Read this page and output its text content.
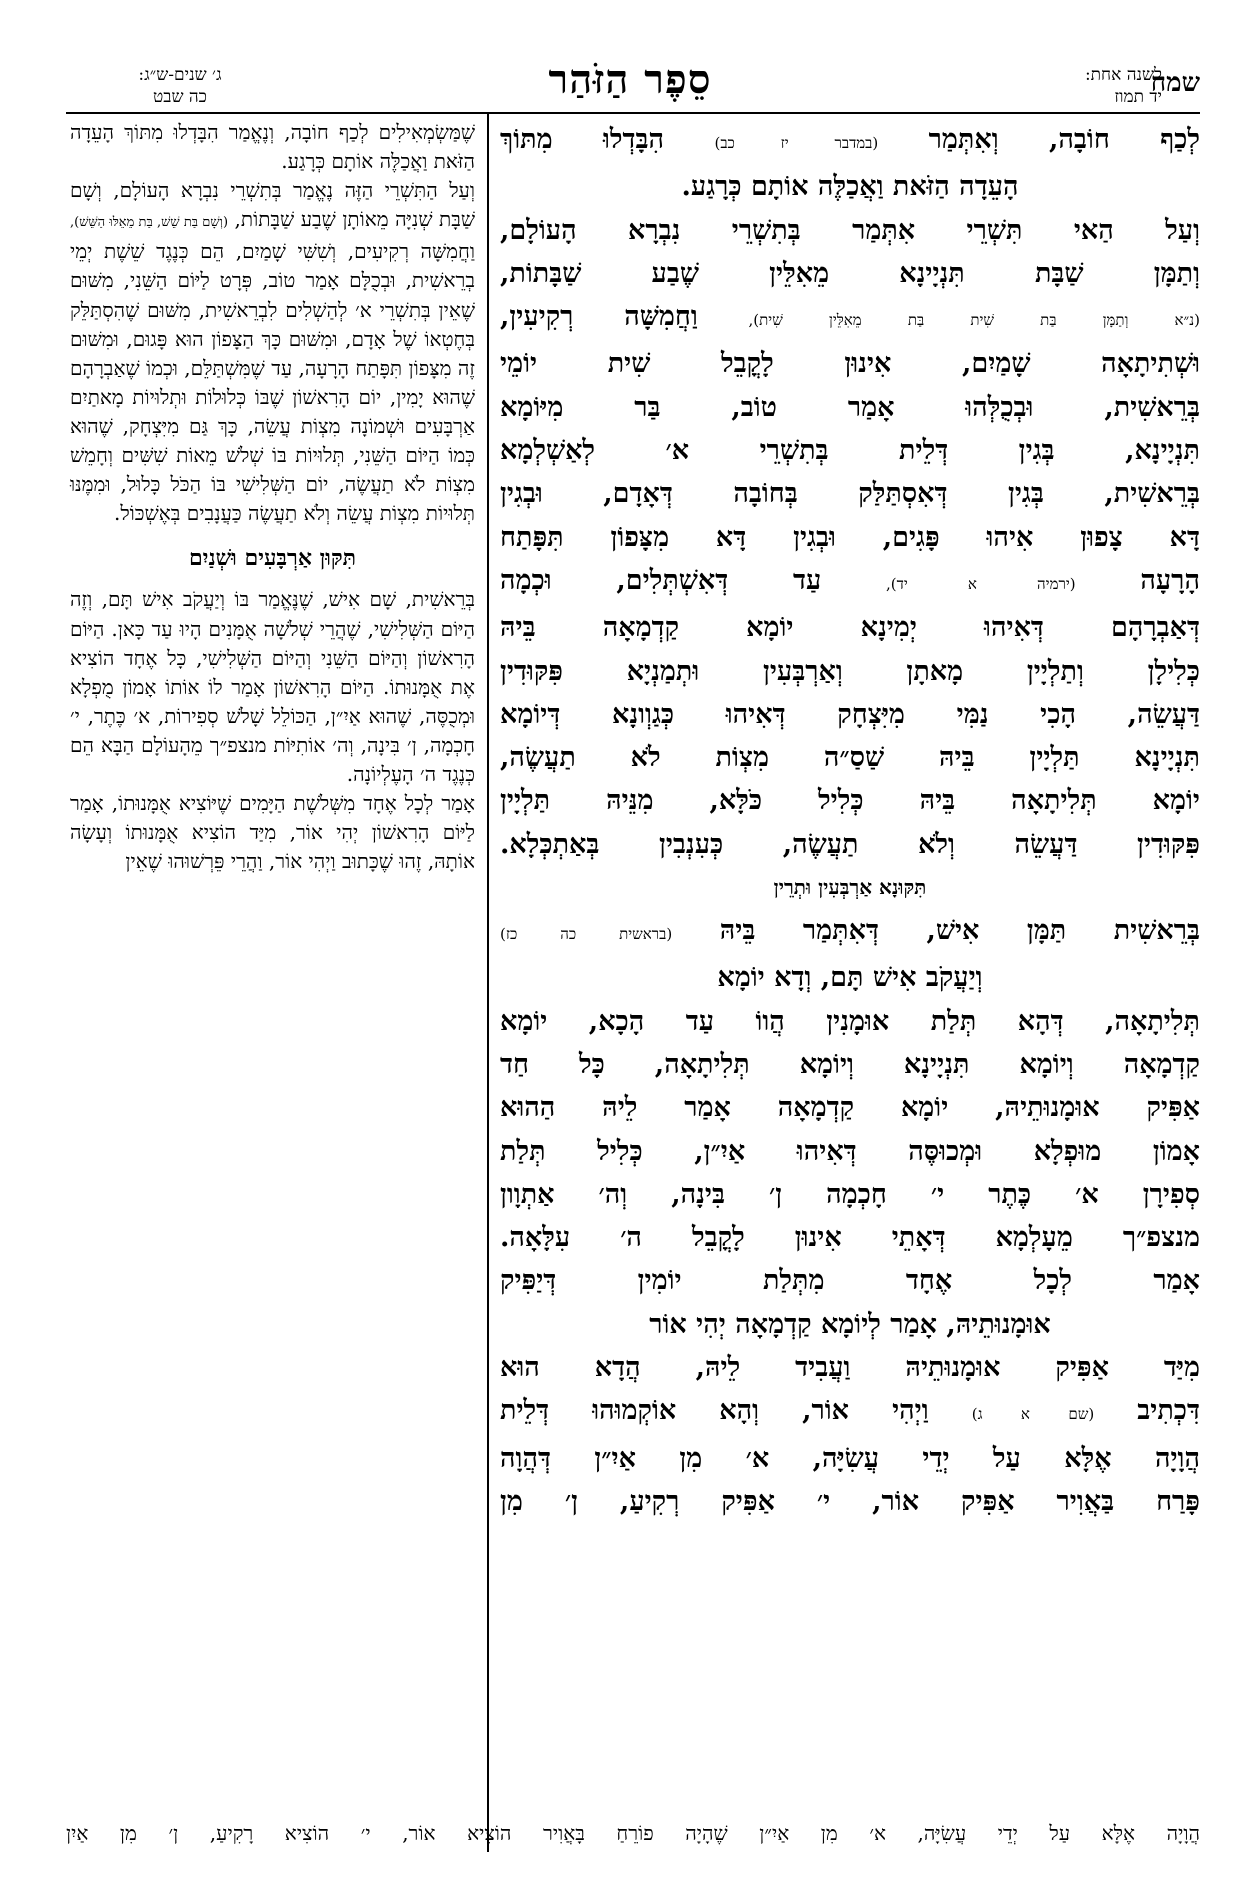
שמח
לשנה אחת:
יד תמוז
סֵפֶר הַזֹּהַר
ג׳ שנים-ש״ג:
כה שבט

לְכַף חוֹבָה, וְאִתְּמַר (במדבר יז כב) הִבָּדְלוּ מִתּוֹךְ

הָעֵדָה הַזֹּאת וַאֲכַלֶּה אוֹתָם כְּרָגַע.

וְעַל הַאי תִּשְׁרֵי אִתְּמַר בְּתִשְׁרֵי נִבְרָא הָעוֹלָם,

וְתַמָּן שַׁבָּת תִּנְיָינָא מֵאִלֵּין שֶׁבַע שַׁבָּתוֹת,

(נ״א וְתַמָּן בַּת שִׁית בַּת מֵאִלֵּין שִׁית), וַחֲמִשָּׁה רְקִיעִין,

וּשְׁתִיתָאָה שָׁמַיִם, אִינוּן לָקֳבֵל שִׁית יוֹמֵי

בְּרֵאשִׁית, וּבְכֻלְּהוּ אָמַר טוֹב, בַּר מִיּוֹמָא

תִּנְיָינָא, בְּגִין דְּלֵית בְּתִשְׁרֵי א׳ לְאַשְׁלְמָא

בְּרֵאשִׁית, בְּגִין דְּאִסְתַּלַּק בְּחוֹבָה דְּאָדָם, וּבְגִין

דָּא צָפוּן אִיהוּ פָּגִים, וּבְגִין דָּא מִצָּפוֹן תִּפָּתַח

הָרָעָה (ירמיה א יד), עַד דְּאִשְׁתְּלִים, וּכְמָה

דְּאַבְרָהָם דְּאִיהוּ יְמִינָא יוֹמָא קַדְמָאָה בֵּיהּ

כְּלִילָן וְתַלְיָין מָאתָן וְאַרְבְּעִין וּתְמַנְיָא פִּקּוּדִין

דַּעֲשֵׂה, הָכִי נַמִּי מִיִּצְחָק דְּאִיהוּ כְּגַוְונָא דְּיוֹמָא

תִּנְיָינָא תַּלְיָין בֵּיהּ שַׁסַ״ה מִצְוֹת לֹא תַעֲשֶׂה,

יוֹמָא תְּלִיתָאָה בֵּיהּ כְּלִיל כֹּלָּא, מִנֵּיהּ תַּלְיָין

פִּקּוּדִין דַּעֲשֵׂה וְלֹא תַעֲשֶׂה, כְּעִנְבִין בְּאַתְכְּלָא.

תִּקּוּנָא אַרְבְּעִין וּתְרֵין

בְּרֵאשִׁית תַּמָּן אִישׁ, דְּאִתְּמַר בֵּיהּ (בראשית כה כז)

וְיַעֲקֹב אִישׁ תָּם, וְדָא יוֹמָא

תְּלִיתָאָה, דְּהָא תְּלַת אוּמָנִין הֲווֹ עַד הָכָא, יוֹמָא

קַדְמָאָה וְיוֹמָא תִּנְיָינָא וְיוֹמָא תְּלִיתָאָה, כָּל חַד

אַפִּיק אוּמָנוּתֵיהּ, יוֹמָא קַדְמָאָה אָמַר לֵיהּ הַהוּא

אָמוֹן מוּפְלָא וּמְכוּסֶּה דְּאִיהוּ אַיִ״ן, כְּלִיל תְּלַת

סְפִירָן א׳ כֶּתֶר י׳ חָכְמָה ן׳ בִּינָה, וְה׳ אַתְוָון

מנצפ״ך מֵעָלְמָא דְּאָתֵי אִינוּן לָקֳבֵל ה׳ עִלָּאָה.

אָמַר לְכָל אֶחָד מִתְּלַת יוֹמִין דְּיַפִּיק

אוּמָנוּתֵיהּ, אָמַר לְיוֹמָא קַדְמָאָה יְהִי אוֹר

מִיַּד אַפִּיק אוּמָנוּתֵיהּ וַעֲבִיד לֵיהּ, הֲדָא הוּא

דִּכְתִיב (שם א ג) וַיְהִי אוֹר, וְהָא אוֹקְמוּהוּ דְּלֵית

הֲוָיָה אֶלָּא עַל יְדֵי עֲשִׂיָּה, א׳ מִן אַיִ״ן דְּהֲוָה

פָּרַח בַּאֲוִיר אַפִּיק אוֹר, י׳ אַפִּיק רְקִיעַ, ן׳ מִן

שֶׁמַּשְׂמְאִילִים לְכַף חוֹבָה, וְנֶאֱמַר הִבָּדְלוּ מִתּוֹךְ הָעֵדָה הַזֹּאת וַאֲכַלֶּה אוֹתָם כְּרָגַע.

וְעַל הַתִּשְׁרֵי הַזֶּה נֶאֱמַר בְּתִשְׁרֵי נִבְרָא הָעוֹלָם, וְשָׁם שַׁבָּת שְׁנִיָּה מֵאוֹתָן שֶׁבַע שַׁבָּתוֹת, (וְשָׁם בַּת שֵׁשׁ, בַּת מֵאֵלּוּ הַשֵּׁשׁ), וַחֲמִשָּׁה רְקִיעִים, וְשִׁשִּׁי שָׁמַיִם, הֵם כְּנֶגֶד שֵׁשֶׁת יְמֵי בְרֵאשִׁית, וּבְכֻלָּם אָמַר טוֹב, פְּרָט לַיּוֹם הַשֵּׁנִי, מִשּׁוּם שֶׁאֵין בְּתִשְׁרֵי א׳ לְהַשְׁלִים לִבְרֵאשִׁית, מִשּׁוּם שֶׁהִסְתַּלֵּק בְּחֶטְאוֹ שֶׁל אָדָם, וּמִשּׁוּם כָּךְ הַצָּפוֹן הוּא פָּגוּם, וּמִשּׁוּם זֶה מִצָּפוֹן תִּפָּתַח הָרָעָה, עַד שֶׁמִּשְׁתַּלֵּם, וּכְמוֹ שֶׁאַבְרָהָם שֶׁהוּא יָמִין, יוֹם הָרִאשׁוֹן שֶׁבּוֹ כְּלוּלוֹת וּתְלוּיוֹת מָאתַיִם אַרְבָּעִים וּשְׁמוֹנָה מִצְוֹת עֲשֵׂה, כָּךְ גַּם מִיִּצְחָק, שֶׁהוּא כְּמוֹ הַיּוֹם הַשֵּׁנִי, תְּלוּיוֹת בּוֹ שְׁלֹשׁ מֵאוֹת שִׁשִּׁים וְחָמֵשׁ מִצְוֹת לֹא תַעֲשֶׂה, יוֹם הַשְּׁלִישִׁי בּוֹ הַכֹּל כָּלוּל, וּמִמֶּנּוּ תְּלוּיוֹת מִצְוֹת עֲשֵׂה וְלֹא תַעֲשֶׂה כַּעֲנָבִים בְּאֶשְׁכּוֹל.

תִּקּוּן אַרְבָּעִים וּשְׁנַיִם

בְּרֵאשִׁית, שָׁם אִישׁ, שֶׁנֶּאֱמַר בּוֹ וְיַעֲקֹב אִישׁ תָּם, וְזֶה הַיּוֹם הַשְּׁלִישִׁי, שֶׁהֲרֵי שְׁלֹשָׁה אֻמָּנִים הָיוּ עַד כָּאן. הַיּוֹם הָרִאשׁוֹן וְהַיּוֹם הַשֵּׁנִי וְהַיּוֹם הַשְּׁלִישִׁי, כָּל אֶחָד הוֹצִיא אֶת אֻמָּנוּתוֹ. הַיּוֹם הָרִאשׁוֹן אָמַר לוֹ אוֹתוֹ אָמוֹן מֻפְלָא וּמְכֻסֶּה, שֶׁהוּא אַיִ״ן, הַכּוֹלֵל שָׁלֹשׁ סְפִירוֹת, א׳ כֶּתֶר, י׳ חָכְמָה, ן׳ בִּינָה, וְה׳ אוֹתִיּוֹת מנצפ״ך מֵהָעוֹלָם הַבָּא הֵם כְּנֶגֶד ה׳ הָעֶלְיוֹנָה.

אָמַר לְכָל אֶחָד מִשְּׁלֹשֶׁת הַיָּמִים שֶׁיּוֹצִיא אֻמָּנוּתוֹ, אָמַר לַיּוֹם הָרִאשׁוֹן יְהִי אוֹר, מִיַּד הוֹצִיא אֻמָּנוּתוֹ וְעָשָׂה אוֹתָהּ, זֶהוּ שֶׁכָּתוּב וַיְהִי אוֹר, וַהֲרֵי פֵּרְשׁוּהוּ שֶׁאֵין

הֲוָיָה אֶלָּא עַל יְדֵי עֲשִׂיָּה, א׳ מִן אַיִ״ן שֶׁהָיָה פוֹרֵחַ בָּאֲוִיר הוֹצִיא אוֹר, י׳ הוֹצִיא רָקִיעַ, ן׳ מִן אַיִן
